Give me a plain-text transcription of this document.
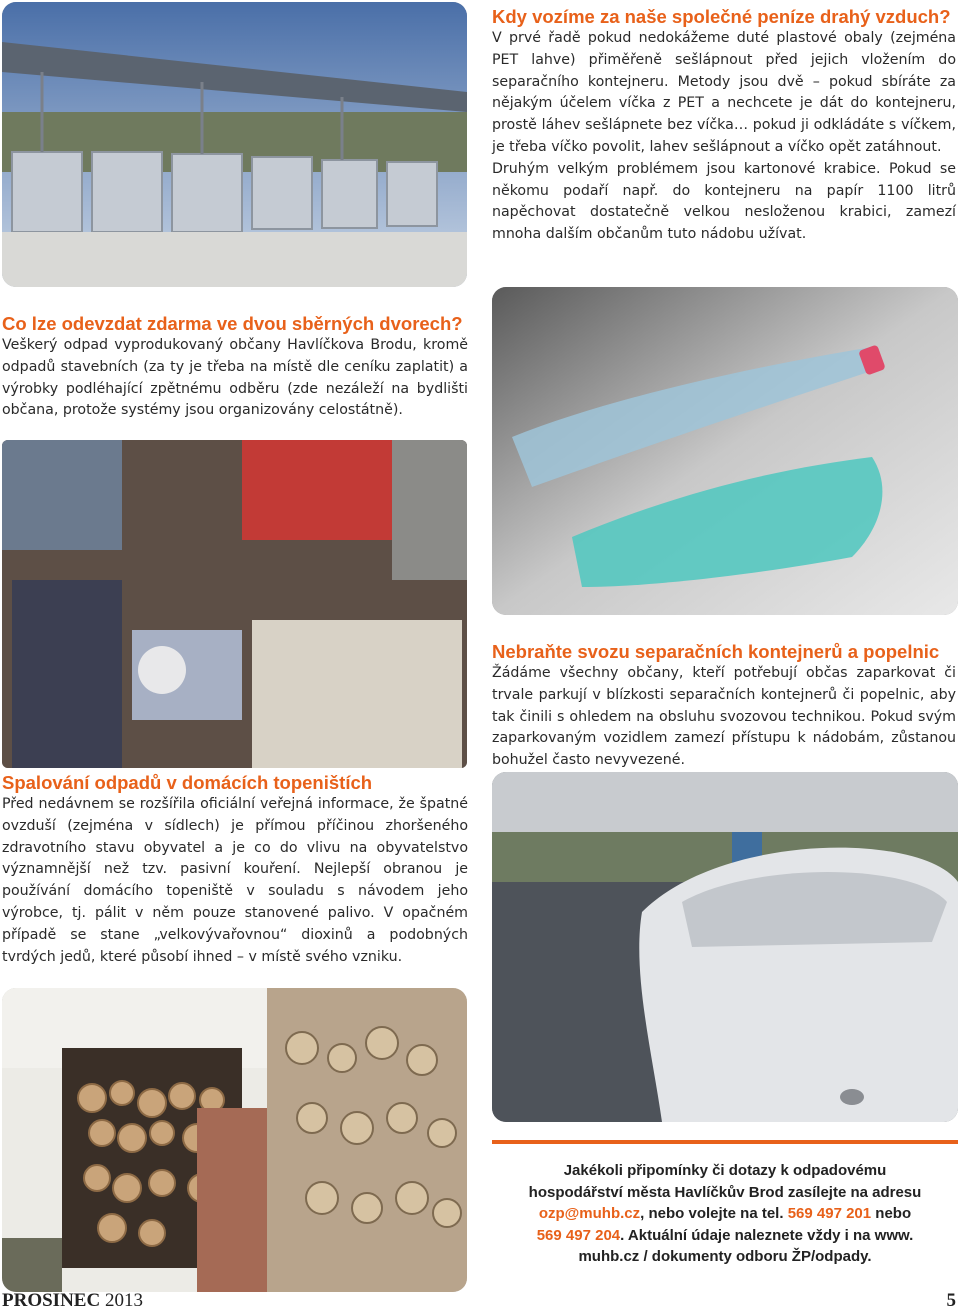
Kdy vozíme za naše společné peníze drahý vzduch?

V prvé řadě pokud nedokážeme duté plastové obaly (zejména PET lahve) přiměřeně sešlápnout před jejich vložením do separačního kontejneru. Metody jsou dvě – pokud sbíráte za nějakým účelem víčka z PET a nechcete je dát do kontejneru, prostě láhev sešlápnete bez víčka… pokud ji odkládáte s víčkem, je třeba víčko povolit, lahev sešlápnout a víčko opět zatáhnout.

Druhým velkým problémem jsou kartonové krabice. Pokud se někomu podaří např. do kontejneru na papír 1100 litrů napěchovat dostatečně velkou nesloženou krabici, zamezí mnoha dalším občanům tuto nádobu užívat.

Co lze odevzdat zdarma ve dvou sběrných dvorech?
Veškerý odpad vyprodukovaný občany Havlíčkova Brodu, kromě odpadů stavebních (za ty je třeba na místě dle ceníku zaplatit) a výrobky podléhající zpětnému odběru (zde nezáleží na bydlišti občana, protože systémy jsou organizovány celostátně).
Nebraňte svozu separačních kontejnerů a popelnic
Žádáme všechny občany, kteří potřebují občas zaparkovat či trvale parkují v blízkosti separačních kontejnerů či popelnic, aby tak činili s ohledem na obsluhu svozovou technikou. Pokud svým zaparkovaným vozidlem zamezí přístupu k nádobám, zůstanou bohužel často nevyvezené.
Spalování odpadů v domácích topeništích
Před nedávnem se rozšířila oficiální veřejná informace, že špatné ovzduší (zejména v sídlech) je přímou příčinou zhoršeného zdravotního stavu obyvatel a je co do vlivu na obyvatelstvo významnější než tzv. pasivní kouření. Nejlepší obranou je používání domácího topeniště v souladu s návodem jeho výrobce, tj. pálit v něm pouze stanovené palivo. V opačném případě se stane „velkovývařovnou“ dioxinů a podobných tvrdých jedů, které působí ihned – v místě svého vzniku.
Jakékoli připomínky či dotazy k odpadovému
hospodářství města Havlíčkův Brod zasílejte na adresu
ozp@muhb.cz, nebo volejte na tel. 569 497 201 nebo
569 497 204. Aktuální údaje naleznete vždy i na www.
muhb.cz / dokumenty odboru ŽP/odpady.
PROSINEC 2013	5
